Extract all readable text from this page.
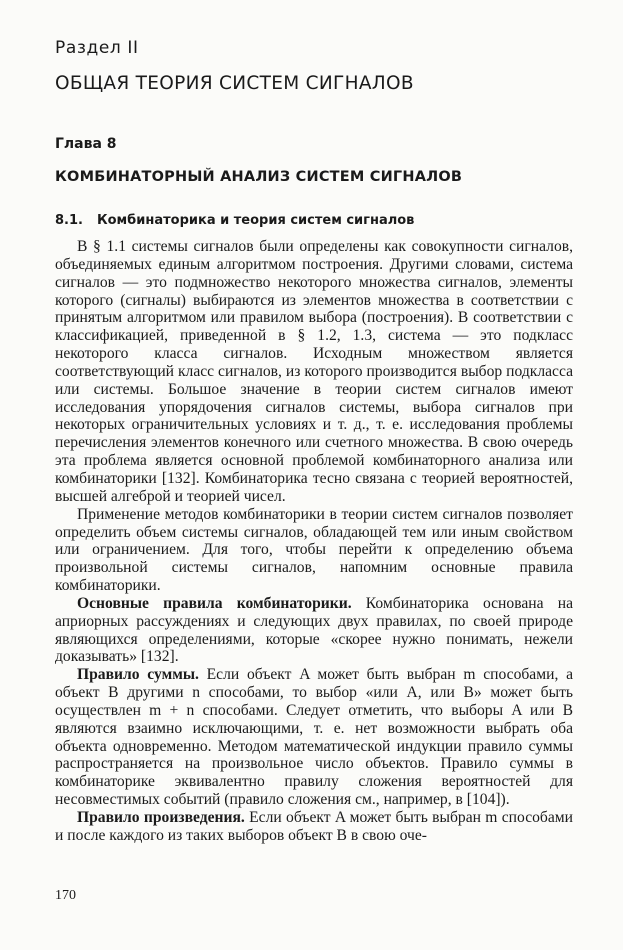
Раздел II
ОБЩАЯ ТЕОРИЯ СИСТЕМ СИГНАЛОВ
Глава 8
КОМБИНАТОРНЫЙ АНАЛИЗ СИСТЕМ СИГНАЛОВ
8.1. Комбинаторика и теория систем сигналов

В § 1.1 системы сигналов были определены как совокупности сигналов, объединяемых единым алгоритмом построения. Другими словами, система сигналов — это подмножество некоторого множества сигналов, элементы которого (сигналы) выбираются из элементов множества в соответствии с принятым алгоритмом или правилом выбора (построения). В соответствии с классификацией, приведенной в § 1.2, 1.3, система — это подкласс некоторого класса сигналов. Исходным множеством является соответствующий класс сигналов, из которого производится выбор подкласса или системы. Большое значение в теории систем сигналов имеют исследования упорядочения сигналов системы, выбора сигналов при некоторых ограничительных условиях и т. д., т. е. исследования проблемы перечисления элементов конечного или счетного множества. В свою очередь эта проблема является основной проблемой комбинаторного анализа или комбинаторики [132]. Комбинаторика тесно связана с теорией вероятностей, высшей алгеброй и теорией чисел.

Применение методов комбинаторики в теории систем сигналов позволяет определить объем системы сигналов, обладающей тем или иным свойством или ограничением. Для того, чтобы перейти к определению объема произвольной системы сигналов, напомним основные правила комбинаторики.

Основные правила комбинаторики. Комбинаторика основана на априорных рассуждениях и следующих двух правилах, по своей природе являющихся определениями, которые «скорее нужно понимать, нежели доказывать» [132].

Правило суммы. Если объект A может быть выбран m способами, а объект B другими n способами, то выбор «или A, или B» может быть осуществлен m + n способами. Следует отметить, что выборы A или B являются взаимно исключающими, т. е. нет возможности выбрать оба объекта одновременно. Методом математической индукции правило суммы распространяется на произвольное число объектов. Правило суммы в комбинаторике эквивалентно правилу сложения вероятностей для несовместимых событий (правило сложения см., например, в [104]).

Правило произведения. Если объект A может быть выбран m способами и после каждого из таких выборов объект B в свою оче-

170
